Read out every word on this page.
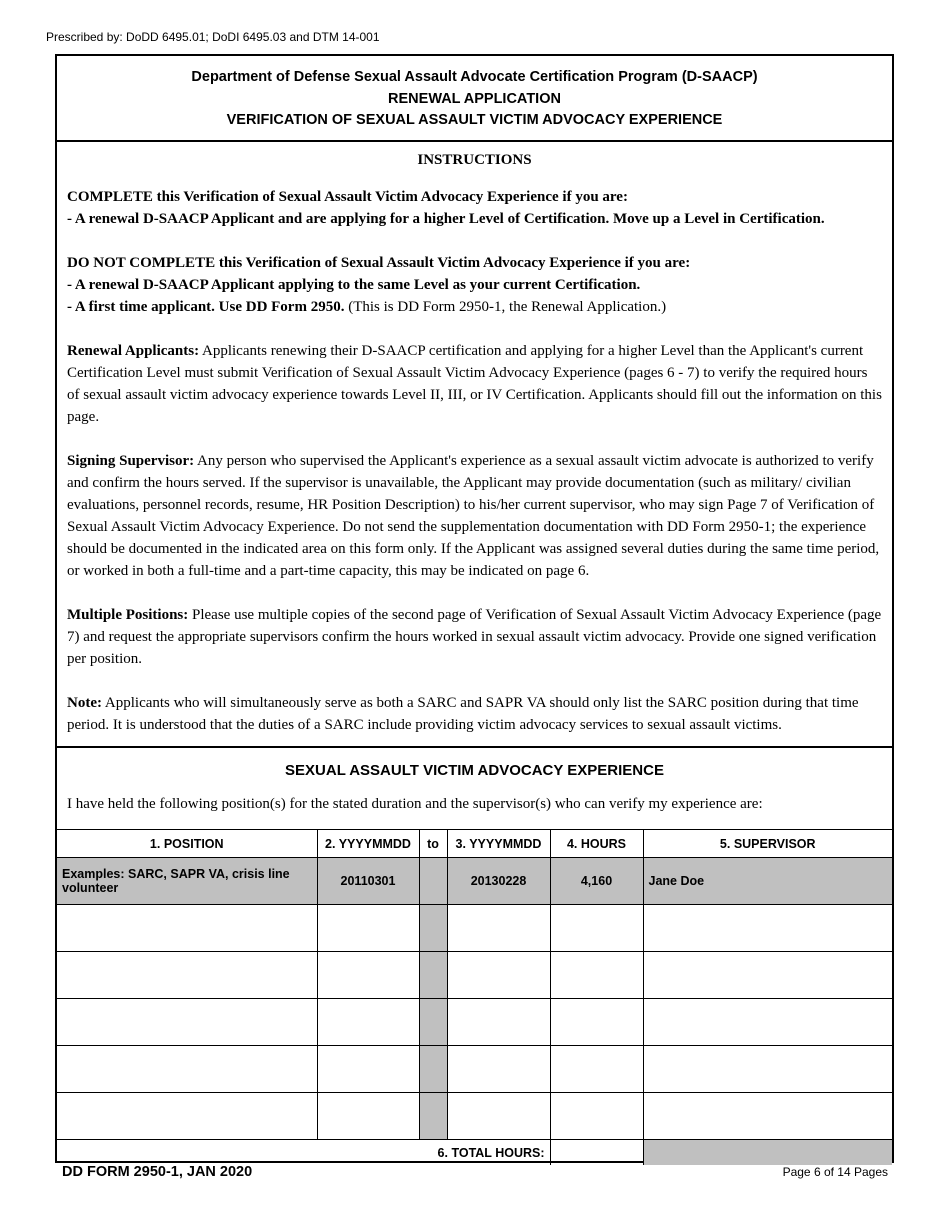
Prescribed by: DoDD 6495.01; DoDI 6495.03 and DTM 14-001
Department of Defense Sexual Assault Advocate Certification Program (D-SAACP)
RENEWAL APPLICATION
VERIFICATION OF SEXUAL ASSAULT VICTIM ADVOCACY EXPERIENCE

INSTRUCTIONS

COMPLETE this Verification of Sexual Assault Victim Advocacy Experience if you are:

- A renewal D-SAACP Applicant and are applying for a higher Level of Certification. Move up a Level in Certification.

DO NOT COMPLETE this Verification of Sexual Assault Victim Advocacy Experience if you are:

- A renewal D-SAACP Applicant applying to the same Level as your current Certification.

- A first time applicant. Use DD Form 2950. (This is DD Form 2950-1, the Renewal Application.)

Renewal Applicants: Applicants renewing their D-SAACP certification and applying for a higher Level than the Applicant's current Certification Level must submit Verification of Sexual Assault Victim Advocacy Experience (pages 6 - 7) to verify the required hours of sexual assault victim advocacy experience towards Level II, III, or IV Certification. Applicants should fill out the information on this page.

Signing Supervisor: Any person who supervised the Applicant's experience as a sexual assault victim advocate is authorized to verify and confirm the hours served. If the supervisor is unavailable, the Applicant may provide documentation (such as military/ civilian evaluations, personnel records, resume, HR Position Description) to his/her current supervisor, who may sign Page 7 of Verification of Sexual Assault Victim Advocacy Experience. Do not send the supplementation documentation with DD Form 2950-1; the experience should be documented in the indicated area on this form only. If the Applicant was assigned several duties during the same time period, or worked in both a full-time and a part-time capacity, this may be indicated on page 6.

Multiple Positions: Please use multiple copies of the second page of Verification of Sexual Assault Victim Advocacy Experience (page 7) and request the appropriate supervisors confirm the hours worked in sexual assault victim advocacy. Provide one signed verification per position.

Note: Applicants who will simultaneously serve as both a SARC and SAPR VA should only list the SARC position during that time period. It is understood that the duties of a SARC include providing victim advocacy services to sexual assault victims.

SEXUAL ASSAULT VICTIM ADVOCACY EXPERIENCE
I have held the following position(s) for the stated duration and the supervisor(s) who can verify my experience are:
1. POSITION	2. YYYYMMDD	to	3. YYYYMMDD	4. HOURS	5. SUPERVISOR
Examples: SARC, SAPR VA, crisis line volunteer	20110301		20130228	4,160	Jane Doe

6. TOTAL HOURS:					
DD FORM 2950-1, JAN 2020	Page 6 of 14 Pages
